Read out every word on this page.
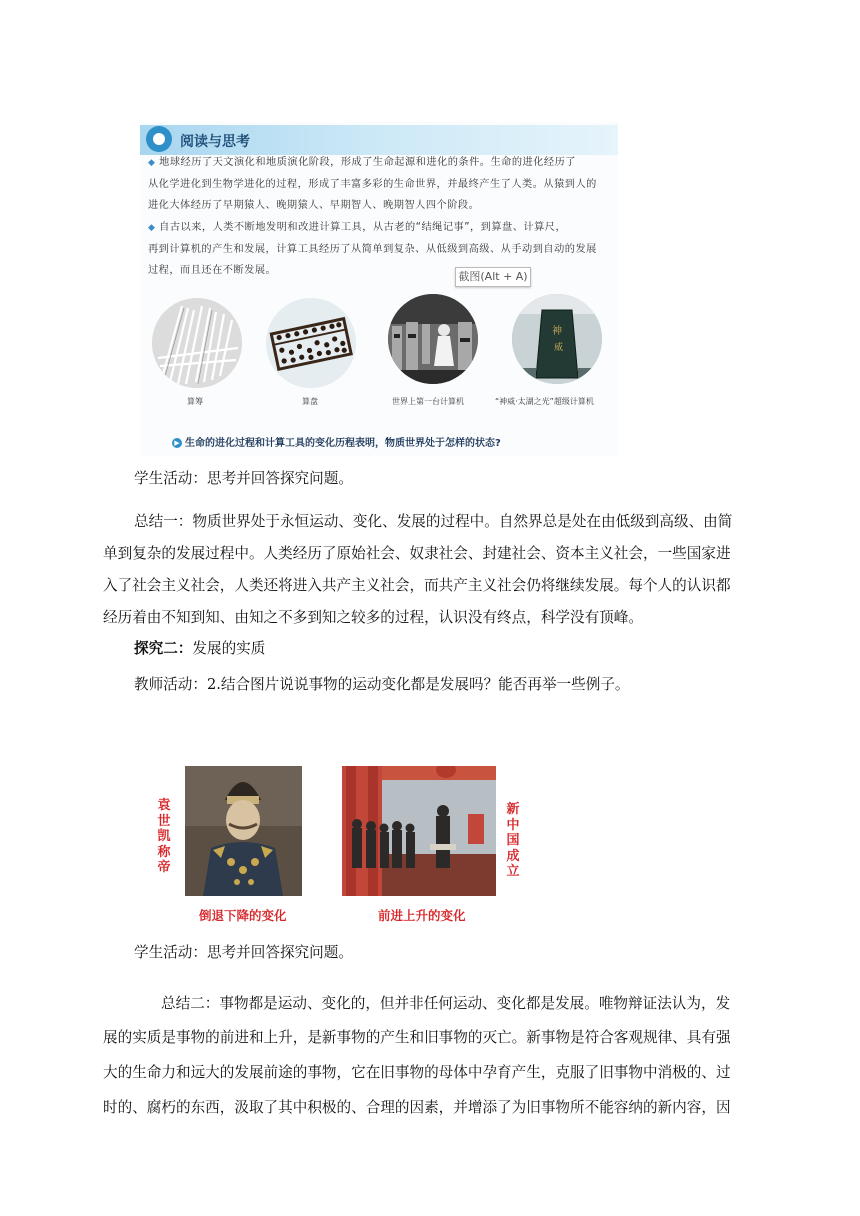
阅读与思考

◆ 地球经历了天文演化和地质演化阶段，形成了生命起源和进化的条件。生命的进化经历了

从化学进化到生物学进化的过程，形成了丰富多彩的生命世界，并最终产生了人类。从猿到人的

进化大体经历了早期猿人、晚期猿人、早期智人、晚期智人四个阶段。

◆ 自古以来，人类不断地发明和改进计算工具，从古老的“结绳记事”，到算盘、计算尺，

再到计算机的产生和发展，计算工具经历了从简单到复杂、从低级到高级、从手动到自动的发展

过程，而且还在不断发展。	截图(Alt + A)
神
威
算筹	算盘	世界上第一台计算机	“神威·太湖之光”超级计算机
▶ 生命的进化过程和计算工具的变化历程表明，物质世界处于怎样的状态?

学生活动：思考并回答探究问题。

总结一：物质世界处于永恒运动、变化、发展的过程中。自然界总是处在由低级到高级、由简

单到复杂的发展过程中。人类经历了原始社会、奴隶社会、封建社会、资本主义社会，一些国家进

入了社会主义社会，人类还将进入共产主义社会，而共产主义社会仍将继续发展。每个人的认识都

经历着由不知到知、由知之不多到知之较多的过程，认识没有终点，科学没有顶峰。

探究二：发展的实质

教师活动：2.结合图片说说事物的运动变化都是发展吗？能否再举一些例子。

袁世凯称帝
倒退下降的变化	前进上升的变化
新中国成立

学生活动：思考并回答探究问题。

总结二：事物都是运动、变化的，但并非任何运动、变化都是发展。唯物辩证法认为，发

展的实质是事物的前进和上升，是新事物的产生和旧事物的灭亡。新事物是符合客观规律、具有强

大的生命力和远大的发展前途的事物，它在旧事物的母体中孕育产生，克服了旧事物中消极的、过

时的、腐朽的东西，汲取了其中积极的、合理的因素，并增添了为旧事物所不能容纳的新内容，因
